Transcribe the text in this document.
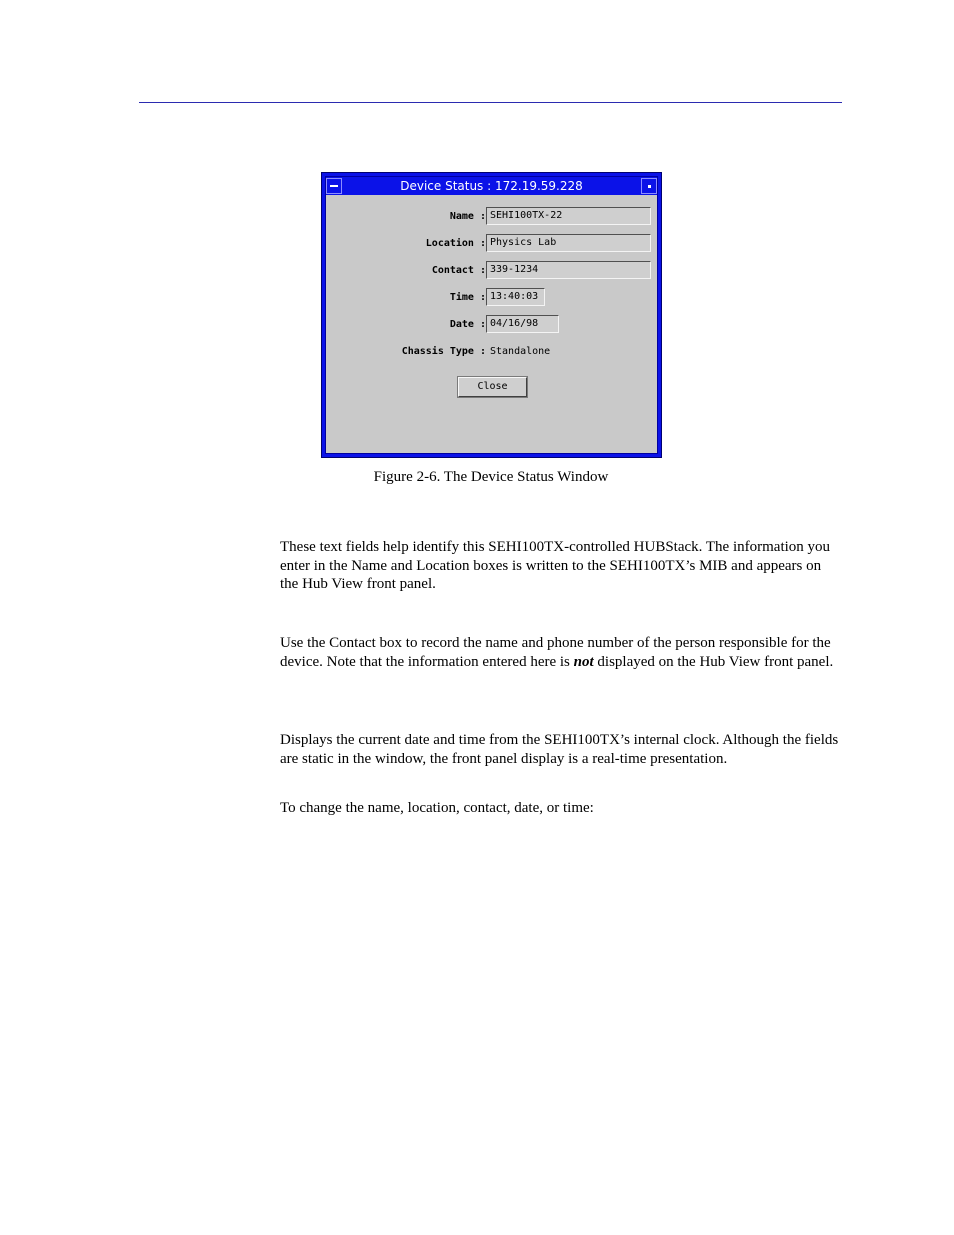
Device Status : 172.19.59.228
Name : SEHI100TX-22
Location : Physics Lab
Contact : 339-1234
Time : 13:40:03
Date : 04/16/98
Chassis Type : Standalone
Close
Figure 2-6. The Device Status Window
These text fields help identify this SEHI100TX-controlled HUBStack. The information you enter in the Name and Location boxes is written to the SEHI100TX’s MIB and appears on the Hub View front panel.
Use the Contact box to record the name and phone number of the person responsible for the device. Note that the information entered here is not displayed on the Hub View front panel.
Displays the current date and time from the SEHI100TX’s internal clock. Although the fields are static in the window, the front panel display is a real-time presentation.
To change the name, location, contact, date, or time:
